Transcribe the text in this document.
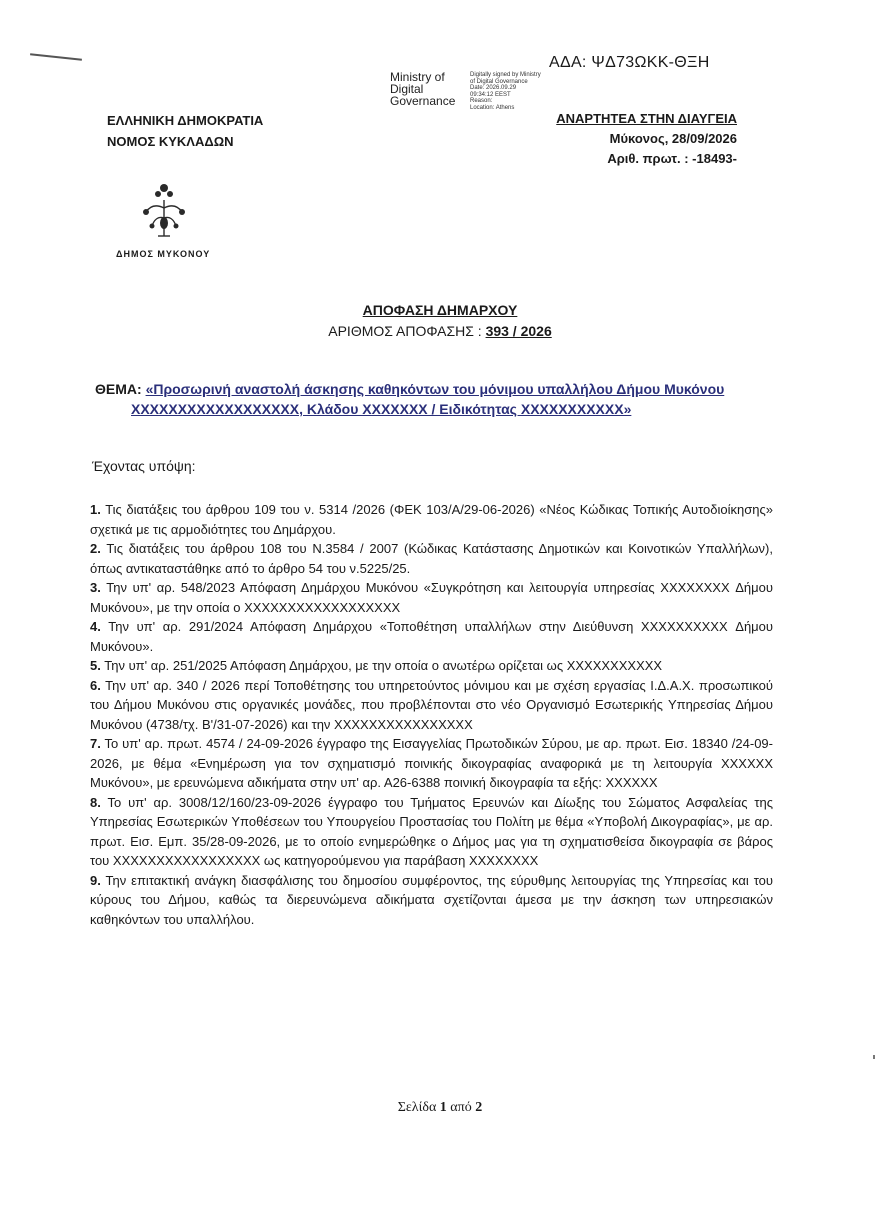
ΑΔΑ: ΨΔ73ΩΚΚ-ΘΞΗ
Ministry of
Digital
Governance
Digitally signed by Ministry
of Digital Governance
Date: 2026.09.29
09:34:12 EEST
Reason:
Location: Athens
ΕΛΛΗΝΙΚΗ ΔΗΜΟΚΡΑΤΙΑ
ΝΟΜΟΣ ΚΥΚΛΑΔΩΝ
ΑΝΑΡΤΗΤΕΑ ΣΤΗΝ ΔΙΑΥΓΕΙΑ
Μύκονος, 28/09/2026
Αριθ. πρωτ. : -18493-
ΔΗΜΟΣ ΜΥΚΟΝΟΥ
ΑΠΟΦΑΣΗ ΔΗΜΑΡΧΟΥ
ΑΡΙΘΜΟΣ ΑΠΟΦΑΣΗΣ : 393 / 2026
ΘΕΜΑ: «Προσωρινή αναστολή άσκησης καθηκόντων του μόνιμου υπαλλήλου Δήμου Μυκόνου
XXXXXXXXXXXXXXXXXX, Κλάδου XXXXXXX / Ειδικότητας XXXXXXXXXXX»
Έχοντας υπόψη:
1. Τις διατάξεις του άρθρου 109 του ν. 5314 /2026 (ΦΕΚ 103/Α/29-06-2026) «Νέος Κώδικας Τοπικής Αυτοδιοίκησης» σχετικά με τις αρμοδιότητες του Δημάρχου.
2. Τις διατάξεις του άρθρου 108 του Ν.3584 / 2007 (Κώδικας Κατάστασης Δημοτικών και Κοινοτικών Υπαλλήλων), όπως αντικαταστάθηκε από το άρθρο 54 του ν.5225/25.
3. Την υπ' αρ. 548/2023 Απόφαση Δημάρχου Μυκόνου «Συγκρότηση και λειτουργία υπηρεσίας XXXXXXXX Δήμου Μυκόνου», με την οποία ο XXXXXXXXXXXXXXXXXX
4. Την υπ' αρ. 291/2024 Απόφαση Δημάρχου «Τοποθέτηση υπαλλήλων στην Διεύθυνση XXXXXXXXXX Δήμου Μυκόνου».
5. Την υπ' αρ. 251/2025 Απόφαση Δημάρχου, με την οποία ο ανωτέρω ορίζεται ως XXXXXXXXXXX
6. Την υπ' αρ. 340 / 2026 περί Τοποθέτησης του υπηρετούντος μόνιμου και με σχέση εργασίας Ι.Δ.Α.Χ. προσωπικού του Δήμου Μυκόνου στις οργανικές μονάδες, που προβλέπονται στο νέο Οργανισμό Εσωτερικής Υπηρεσίας Δήμου Μυκόνου (4738/τχ. Β'/31-07-2026) και την XXXXXXXXXXXXXXXX
7. Το υπ' αρ. πρωτ. 4574 / 24-09-2026 έγγραφο της Εισαγγελίας Πρωτοδικών Σύρου, με αρ. πρωτ. Εισ. 18340 /24-09-2026, με θέμα «Ενημέρωση για τον σχηματισμό ποινικής δικογραφίας αναφορικά με τη λειτουργία XXXXXX Μυκόνου», με ερευνώμενα αδικήματα στην υπ' αρ. Α26-6388 ποινική δικογραφία τα εξής: XXXXXX
8. Το υπ' αρ. 3008/12/160/23-09-2026 έγγραφο του Τμήματος Ερευνών και Δίωξης του Σώματος Ασφαλείας της Υπηρεσίας Εσωτερικών Υποθέσεων του Υπουργείου Προστασίας του Πολίτη με θέμα «Υποβολή Δικογραφίας», με αρ. πρωτ. Εισ. Εμπ. 35/28-09-2026, με το οποίο ενημερώθηκε ο Δήμος μας για τη σχηματισθείσα δικογραφία σε βάρος του XXXXXXXXXXXXXXXXX ως κατηγορούμενου για παράβαση XXXXXXXX
9. Την επιτακτική ανάγκη διασφάλισης του δημοσίου συμφέροντος, της εύρυθμης λειτουργίας της Υπηρεσίας και του κύρους του Δήμου, καθώς τα διερευνώμενα αδικήματα σχετίζονται άμεσα με την άσκηση των υπηρεσιακών καθηκόντων του υπαλλήλου.
Σελίδα 1 από 2
